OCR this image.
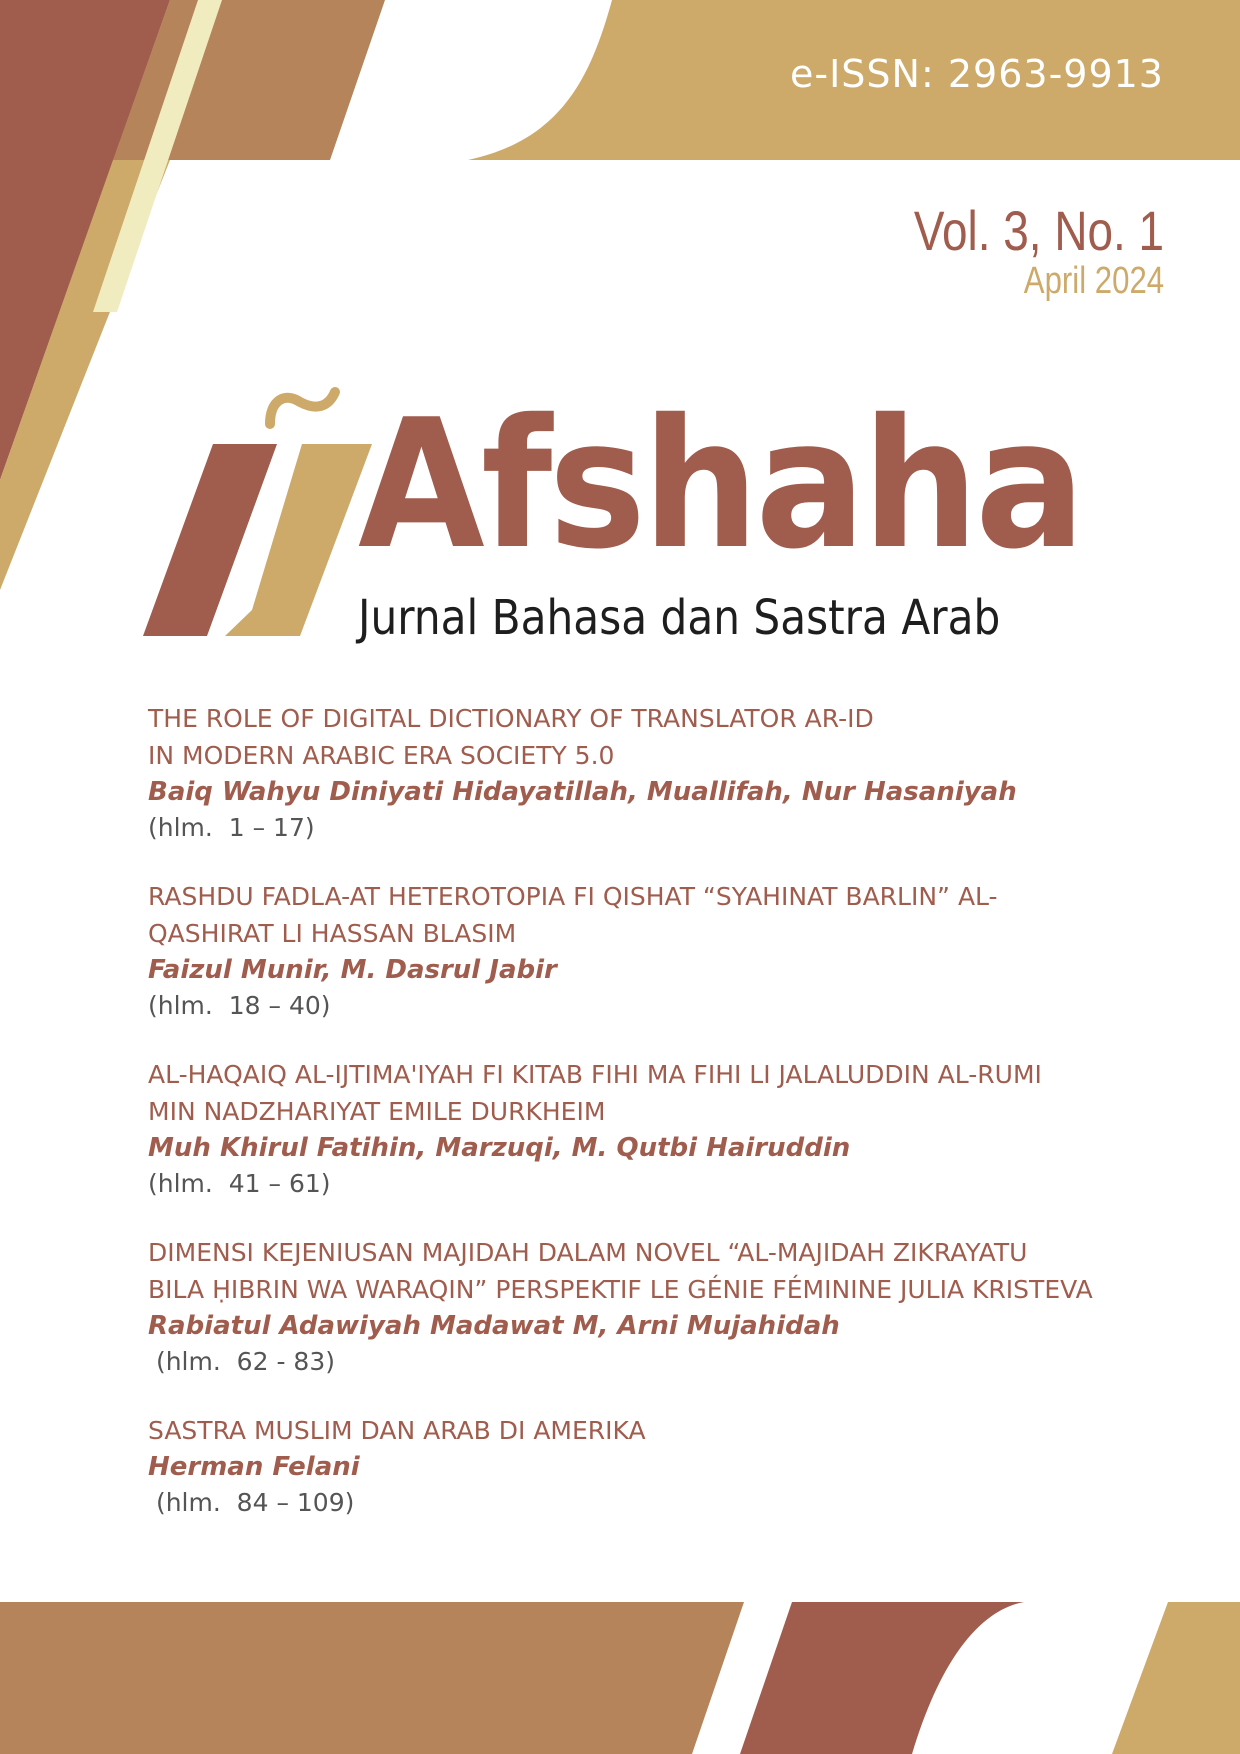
e-ISSN: 2963-9913
Vol. 3, No. 1
April 2024
Afshaha
Jurnal Bahasa dan Sastra Arab
THE ROLE OF DIGITAL DICTIONARY OF TRANSLATOR AR-ID
IN MODERN ARABIC ERA SOCIETY 5.0
Baiq Wahyu Diniyati Hidayatillah, Muallifah, Nur Hasaniyah
(hlm.  1 – 17)
RASHDU FADLA-AT HETEROTOPIA FI QISHAT “SYAHINAT BARLIN” AL-
QASHIRAT LI HASSAN BLASIM
Faizul Munir, M. Dasrul Jabir
(hlm.  18 – 40)
AL-HAQAIQ AL-IJTIMA'IYAH FI KITAB FIHI MA FIHI LI JALALUDDIN AL-RUMI
MIN NADZHARIYAT EMILE DURKHEIM
Muh Khirul Fatihin, Marzuqi, M. Qutbi Hairuddin
(hlm.  41 – 61)
DIMENSI KEJENIUSAN MAJIDAH DALAM NOVEL “AL-MAJIDAH ZIKRAYATU
BILA ḤIBRIN WA WARAQIN” PERSPEKTIF LE GÉNIE FÉMININE JULIA KRISTEVA
Rabiatul Adawiyah Madawat M, Arni Mujahidah
(hlm.  62 - 83)
SASTRA MUSLIM DAN ARAB DI AMERIKA
Herman Felani
(hlm.  84 – 109)
